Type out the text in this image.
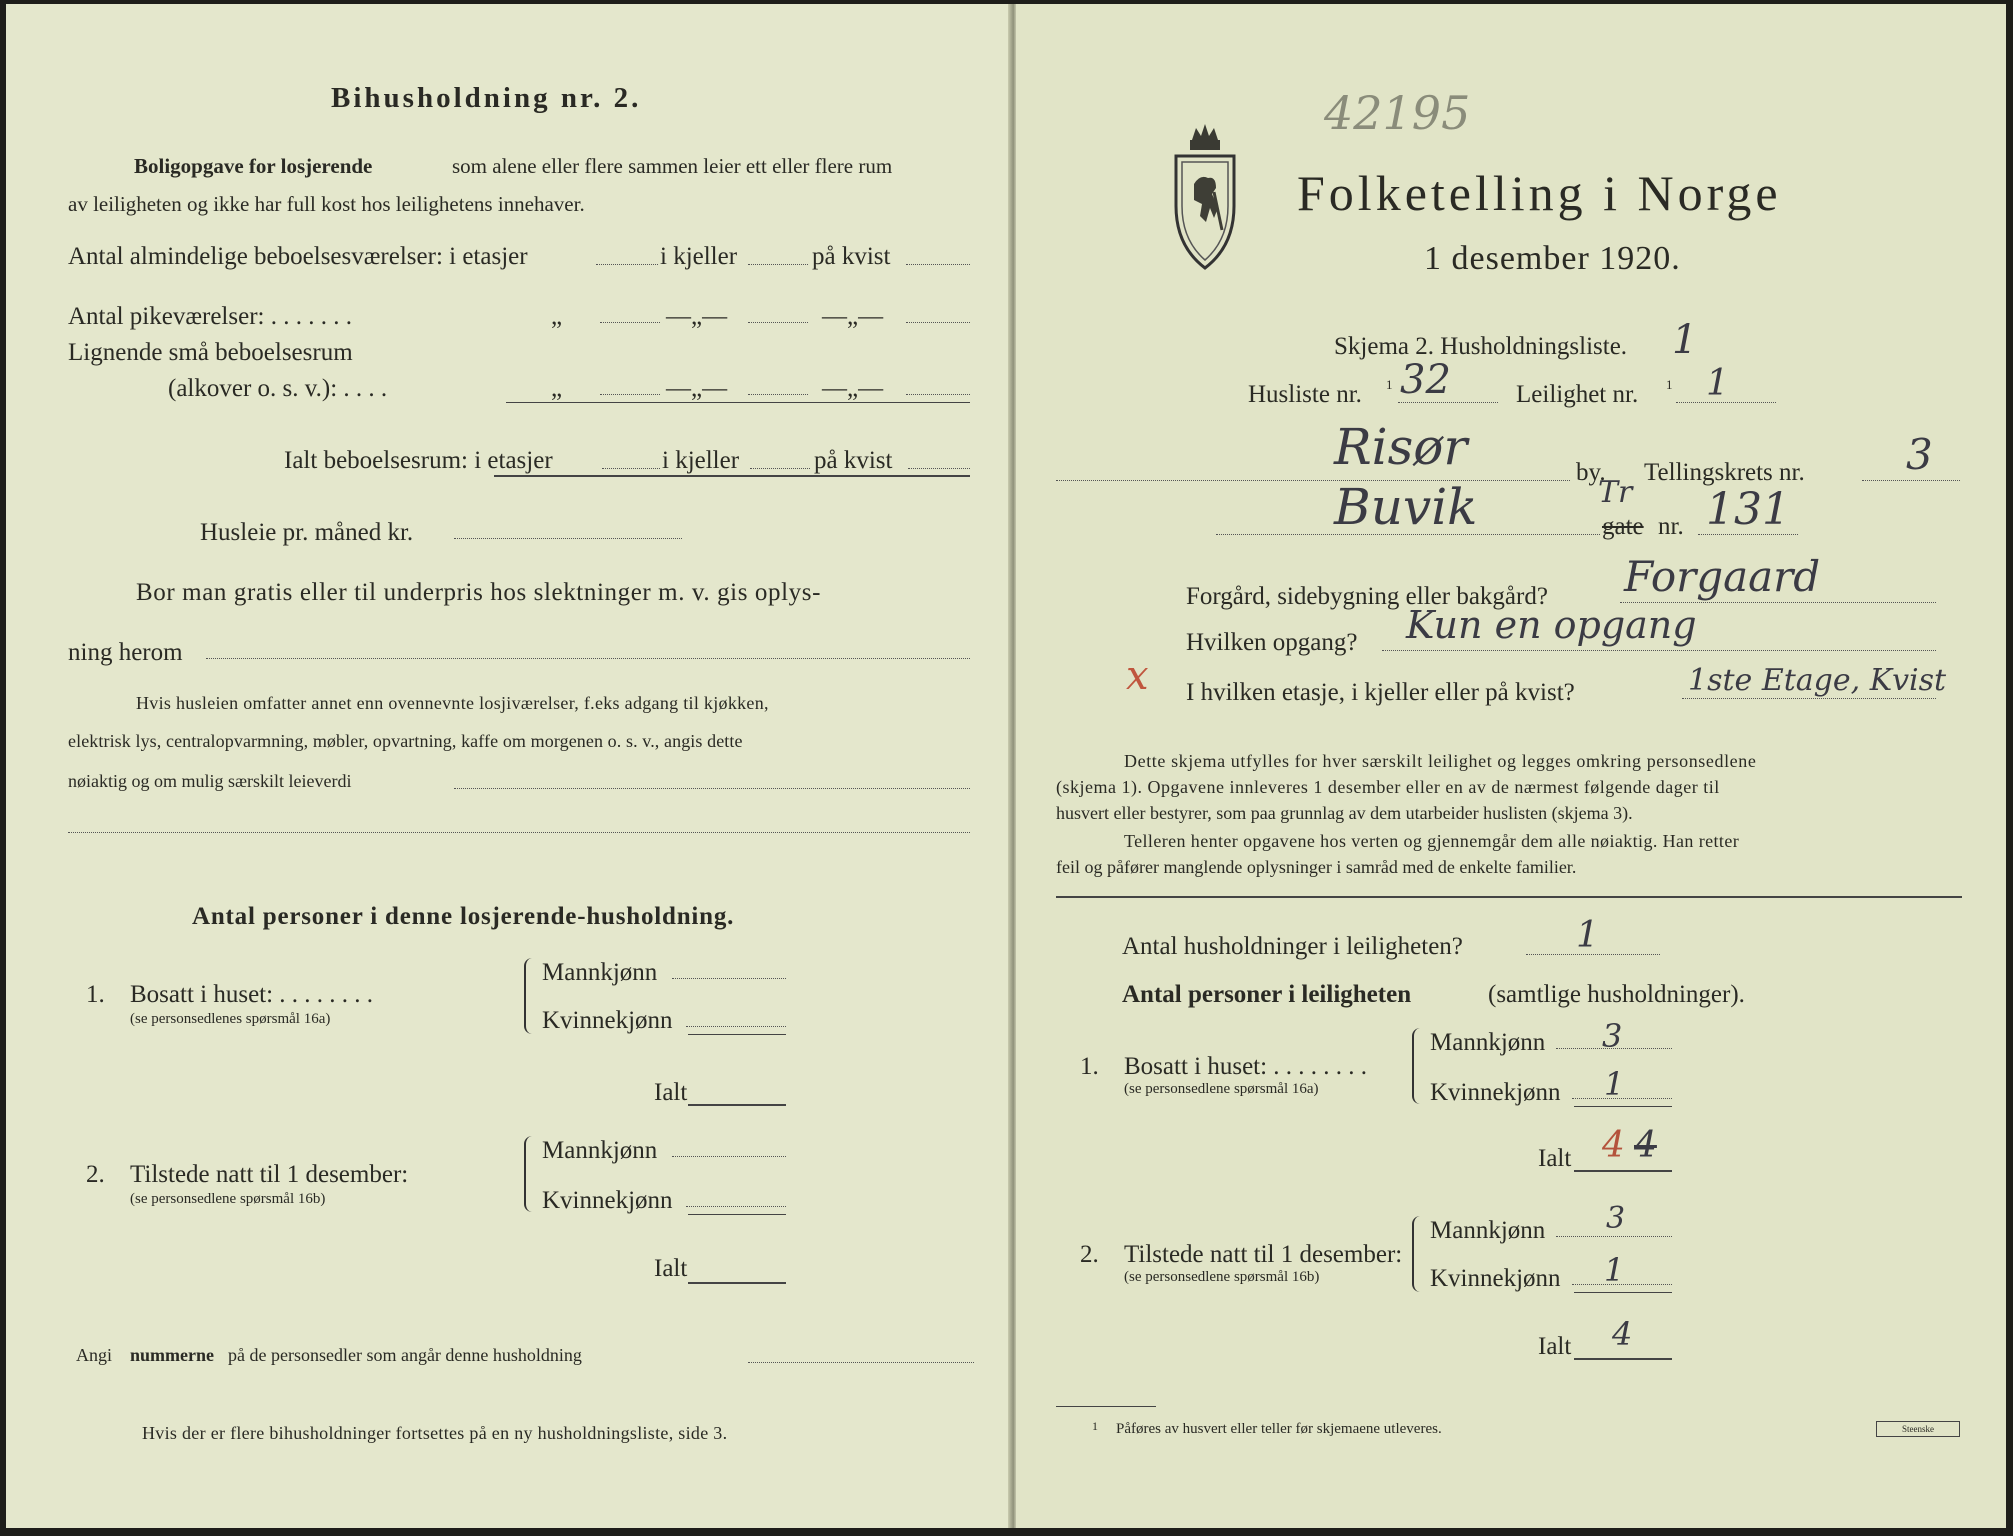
Bihusholdning nr. 2.
Boligopgave for losjerende	som alene eller flere sammen leier ett eller flere rum
av leiligheten og ikke har full kost hos leilighetens innehaver.
Antal almindelige beboelsesværelser: i etasjer	i kjeller	på kvist
Antal pikeværelser: . . . . . . .	„	—„—	—„—
Lignende små beboelsesrum
(alkover o. s. v.): . . . .	„	—„—	—„—
Ialt beboelsesrum: i etasjer	i kjeller	på kvist
Husleie pr. måned kr.
Bor man gratis eller til underpris hos slektninger m. v. gis oplys-
ning herom
Hvis husleien omfatter annet enn ovennevnte losjiværelser, f.eks adgang til kjøkken,
elektrisk lys, centralopvarmning, møbler, opvartning, kaffe om morgenen o. s. v., angis dette
nøiaktig og om mulig særskilt leieverdi
Antal personer i denne losjerende-husholdning.
1. Bosatt i huset: . . . . . . . .
(se personsedlenes spørsmål 16a)
Mannkjønn
Kvinnekjønn
Ialt
2. Tilstede natt til 1 desember:
(se personsedlene spørsmål 16b)
Mannkjønn
Kvinnekjønn
Ialt
Angi nummerne på de personsedler som angår denne husholdning
Hvis der er flere bihusholdninger fortsettes på en ny husholdningsliste, side 3.
42195
Folketelling i Norge
1 desember 1920.
Skjema 2. Husholdningsliste. 1
Husliste nr. 1 32	Leilighet nr. 1 1
Risør	by. Tellingskrets nr. 3
Buvik	Tr
gate nr. 131
Forgård, sidebygning eller bakgård? Forgaard
Hvilken opgang? Kun en opgang
x I hvilken etasje, i kjeller eller på kvist?	1ste Etage, Kvist
Dette skjema utfylles for hver særskilt leilighet og legges omkring personsedlene
(skjema 1). Opgavene innleveres 1 desember eller en av de nærmest følgende dager til
husvert eller bestyrer, som paa grunnlag av dem utarbeider huslisten (skjema 3).
Telleren henter opgavene hos verten og gjennemgår dem alle nøiaktig. Han retter
feil og påfører manglende oplysninger i samråd med de enkelte familier.
Antal husholdninger i leiligheten?	1
Antal personer i leiligheten	(samtlige husholdninger).
1. Bosatt i huset: . . . . . . . .
(se personsedlene spørsmål 16a)
Mannkjønn 3
Kvinnekjønn 1
Ialt 4 4
2. Tilstede natt til 1 desember:
(se personsedlene spørsmål 16b)
Mannkjønn 3
Kvinnekjønn 1
Ialt 4
1 Påføres av husvert eller teller før skjemaene utleveres.	Steenske
